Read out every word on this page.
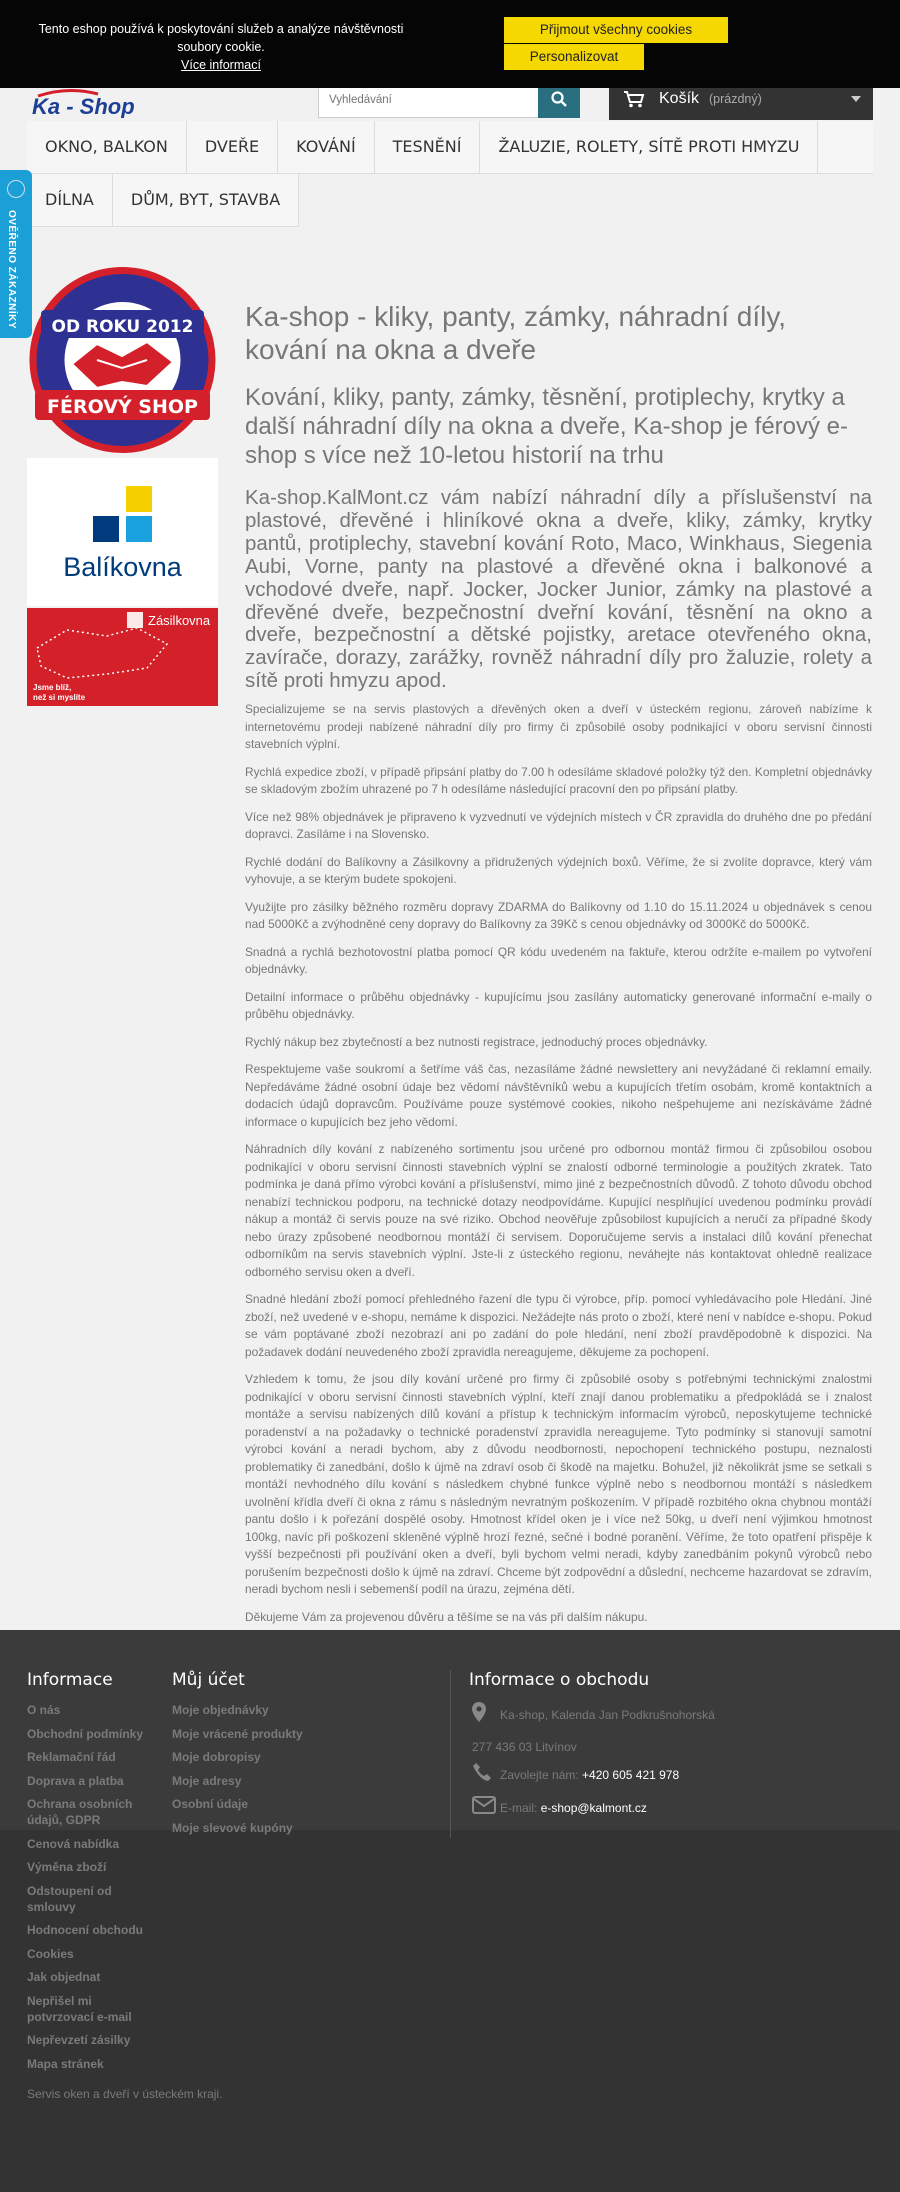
Tento eshop používá k poskytování služeb a analýze návštěvnosti soubory cookie.
Více informací
Přijmout všechny cookies
Personalizovat
Ka - Shop
Vyhledávání	Košík (prázdný)
OKNO, BALKON	DVEŘE	KOVÁNÍ	TESNĚNÍ	ŽALUZIE, ROLETY, SÍTĚ PROTI HMYZU
DÍLNA	DŮM, BYT, STAVBA
OVĚŘENO ZÁKAZNÍKY OD ROKU 2012
FÉROVÝ SHOP
Balíkovna
Zásilkovna
Jsme blíž,
než si myslíte
Ka-shop - kliky, panty, zámky, náhradní díly, kování na okna a dveře
Kování, kliky, panty, zámky, těsnění, protiplechy, krytky a další náhradní díly na okna a dveře, Ka-shop je férový e-shop s více než 10-letou historií na trhu

Ka-shop.KalMont.cz vám nabízí náhradní díly a příslušenství na plastové, dřevěné i hliníkové okna a dveře, kliky, zámky, krytky pantů, protiplechy, stavební kování Roto, Maco, Winkhaus, Siegenia Aubi, Vorne, panty na plastové a dřevěné okna i balkonové a vchodové dveře, např. Jocker, Jocker Junior, zámky na plastové a dřevěné dveře, bezpečnostní dveřní kování, těsnění na okno a dveře, bezpečnostní a dětské pojistky, aretace otevřeného okna, zavírače, dorazy, zarážky, rovněž náhradní díly pro žaluzie, rolety a sítě proti hmyzu apod.

Specializujeme se na servis plastových a dřevěných oken a dveří v ústeckém regionu, zároveň nabízíme k internetovému prodeji nabízené náhradní díly pro firmy či způsobilé osoby podnikající v oboru servisní činnosti stavebních výplní.

Rychlá expedice zboží, v případě připsání platby do 7.00 h odesíláme skladové položky týž den. Kompletní objednávky se skladovým zbožím uhrazené po 7 h odesíláme následující pracovní den po připsání platby.

Více než 98% objednávek je připraveno k vyzvednutí ve výdejních místech v ČR zpravidla do druhého dne po předání dopravci. Zasíláme i na Slovensko.

Rychlé dodání do Balíkovny a Zásilkovny a přidružených výdejních boxů. Věříme, že si zvolíte dopravce, který vám vyhovuje, a se kterým budete spokojeni.

Využijte pro zásilky běžného rozměru dopravy ZDARMA do Balíkovny od 1.10 do 15.11.2024 u objednávek s cenou nad 5000Kč a zvýhodněné ceny dopravy do Balíkovny za 39Kč s cenou objednávky od 3000Kč do 5000Kč.

Snadná a rychlá bezhotovostní platba pomocí QR kódu uvedeném na faktuře, kterou održíte e-mailem po vytvoření objednávky.

Detailní informace o průběhu objednávky - kupujícímu jsou zasílány automaticky generované informační e-maily o průběhu objednávky.

Rychlý nákup bez zbytečností a bez nutnosti registrace, jednoduchý proces objednávky.

Respektujeme vaše soukromí a šetříme váš čas, nezasíláme žádné newslettery ani nevyžádané či reklamní emaily. Nepředáváme žádné osobní údaje bez vědomí návštěvníků webu a kupujících třetím osobám, kromě kontaktních a dodacích údajů dopravcům. Používáme pouze systémové cookies, nikoho nešpehujeme ani nezískáváme žádné informace o kupujících bez jeho vědomí.

Náhradních díly kování z nabízeného sortimentu jsou určené pro odbornou montáž firmou či způsobilou osobou podnikající v oboru servisní činnosti stavebních výplní se znalostí odborné terminologie a použitých zkratek. Tato podmínka je daná přímo výrobci kování a příslušenství, mimo jiné z bezpečnostních důvodů. Z tohoto důvodu obchod nenabízí technickou podporu, na technické dotazy neodpovídáme. Kupující nesplňující uvedenou podmínku provádí nákup a montáž či servis pouze na své riziko. Obchod neověřuje způsobilost kupujících a neručí za případné škody nebo úrazy způsobené neodbornou montáží či servisem. Doporučujeme servis a instalaci dílů kování přenechat odborníkům na servis stavebních výplní. Jste-li z ústeckého regionu, neváhejte nás kontaktovat ohledně realizace odborného servisu oken a dveří.

Snadné hledání zboží pomocí přehledného řazení dle typu či výrobce, příp. pomocí vyhledávacího pole Hledání. Jiné zboží, než uvedené v e-shopu, nemáme k dispozici. Nežádejte nás proto o zboží, které není v nabídce e-shopu. Pokud se vám poptávané zboží nezobrazí ani po zadání do pole hledání, není zboží pravděpodobně k dispozici. Na požadavek dodání neuvedeného zboží zpravidla nereagujeme, děkujeme za pochopení.

Vzhledem k tomu, že jsou díly kování určené pro firmy či způsobilé osoby s potřebnými technickými znalostmi podnikající v oboru servisní činnosti stavebních výplní, kteří znají danou problematiku a předpokládá se i znalost montáže a servisu nabízených dílů kování a přístup k technickým informacím výrobců, neposkytujeme technické poradenství a na požadavky o technické poradenství zpravidla nereagujeme. Tyto podmínky si stanovují samotní výrobci kování a neradi bychom, aby z důvodu neodbornosti, nepochopení technického postupu, neznalosti problematiky či zanedbání, došlo k újmě na zdraví osob či škodě na majetku. Bohužel, již několikrát jsme se setkali s montáží nevhodného dílu kování s následkem chybné funkce výplně nebo s neodbornou montáží s následkem uvolnění křídla dveří či okna z rámu s následným nevratným poškozením. V případě rozbitého okna chybnou montáží pantu došlo i k pořezání dospělé osoby. Hmotnost křídel oken je i více než 50kg, u dveří není výjimkou hmotnost 100kg, navíc při poškození skleněné výplně hrozí řezné, sečné i bodné poranění. Věříme, že toto opatření přispěje k vyšší bezpečnosti při používání oken a dveří, byli bychom velmi neradi, kdyby zanedbáním pokynů výrobců nebo porušením bezpečnosti došlo k újmě na zdraví. Chceme být zodpovědní a důslední, nechceme hazardovat se zdravím, neradi bychom nesli i sebemenší podíl na úrazu, zejména dětí.

Děkujeme Vám za projevenou důvěru a těšíme se na vás při dalším nákupu.

Informace
O nás
Obchodní podmínky
Reklamační řád
Doprava a platba
Ochrana osobních údajů, GDPR
Cenová nabídka
Výměna zboží
Odstoupení od smlouvy
Hodnocení obchodu
Cookies
Jak objednat
Nepřišel mi potvrzovací e-mail
Nepřevzetí zásilky
Mapa stránek
Můj účet
Moje objednávky
Moje vrácené produkty
Moje dobropisy
Moje adresy
Osobní údaje
Moje slevové kupóny
Informace o obchodu
Ka-shop, Kalenda Jan Podkrušnohorská
277 436 03 Litvínov
Zavolejte nám: +420 605 421 978
E-mail: e-shop@kalmont.cz
Servis oken a dveří v ústeckém kraji.
